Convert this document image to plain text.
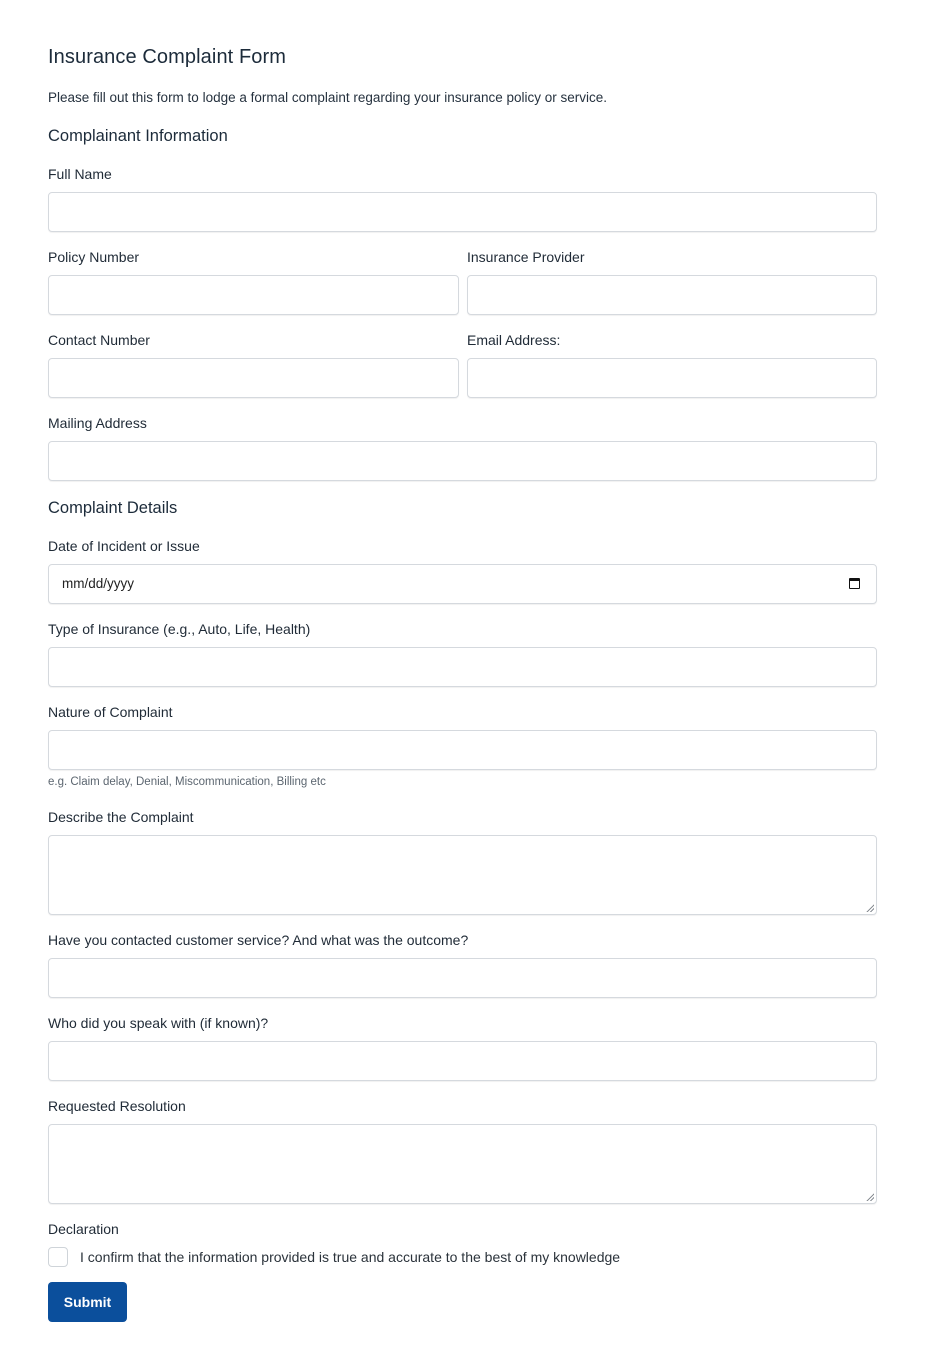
Insurance Complaint Form
Please fill out this form to lodge a formal complaint regarding your insurance policy or service.
Complainant Information
Full Name
Policy Number	Insurance Provider
Contact Number	Email Address:
Mailing Address
Complaint Details
Date of Incident or Issue
mm/dd/yyyy
Type of Insurance (e.g., Auto, Life, Health)
Nature of Complaint
e.g. Claim delay, Denial, Miscommunication, Billing etc
Describe the Complaint
Have you contacted customer service? And what was the outcome?
Who did you speak with (if known)?
Requested Resolution
Declaration
I confirm that the information provided is true and accurate to the best of my knowledge
Submit
